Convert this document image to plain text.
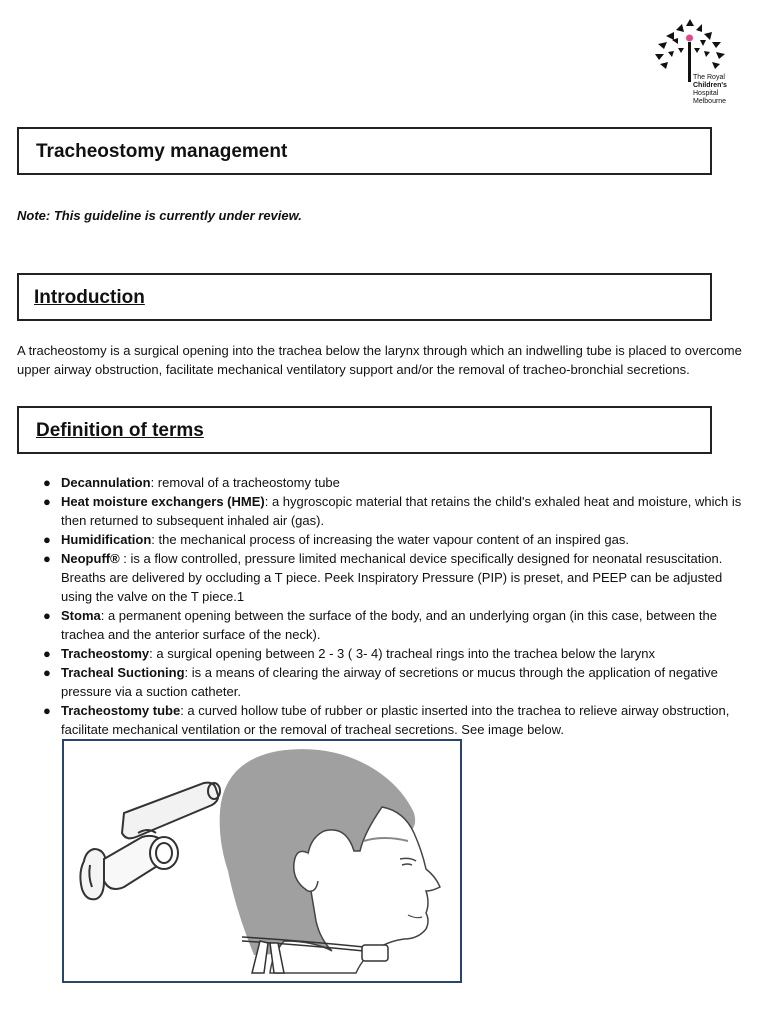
The Royal
Children's
Hospital
Melbourne
Tracheostomy management
Note: This guideline is currently under review.
Introduction

A tracheostomy is a surgical opening into the trachea below the larynx through which an indwelling tube is placed to overcome upper airway obstruction, facilitate mechanical ventilatory support and/or the removal of tracheo-bronchial secretions.

Definition of terms
● Decannulation: removal of a tracheostomy tube
● Heat moisture exchangers (HME): a hygroscopic material that retains the child's exhaled heat and moisture, which is then returned to subsequent inhaled air (gas).
● Humidification: the mechanical process of increasing the water vapour content of an inspired gas.
● Neopuff® : is a flow controlled, pressure limited mechanical device specifically designed for neonatal resuscitation. Breaths are delivered by occluding a T piece. Peek Inspiratory Pressure (PIP) is preset, and PEEP can be adjusted using the valve on the T piece.1
● Stoma: a permanent opening between the surface of the body, and an underlying organ (in this case, between the trachea and the anterior surface of the neck).
● Tracheostomy: a surgical opening between 2 - 3 ( 3- 4) tracheal rings into the trachea below the larynx
● Tracheal Suctioning: is a means of clearing the airway of secretions or mucus through the application of negative pressure via a suction catheter.
● Tracheostomy tube: a curved hollow tube of rubber or plastic inserted into the trachea to relieve airway obstruction, facilitate mechanical ventilation or the removal of tracheal secretions. See image below.
